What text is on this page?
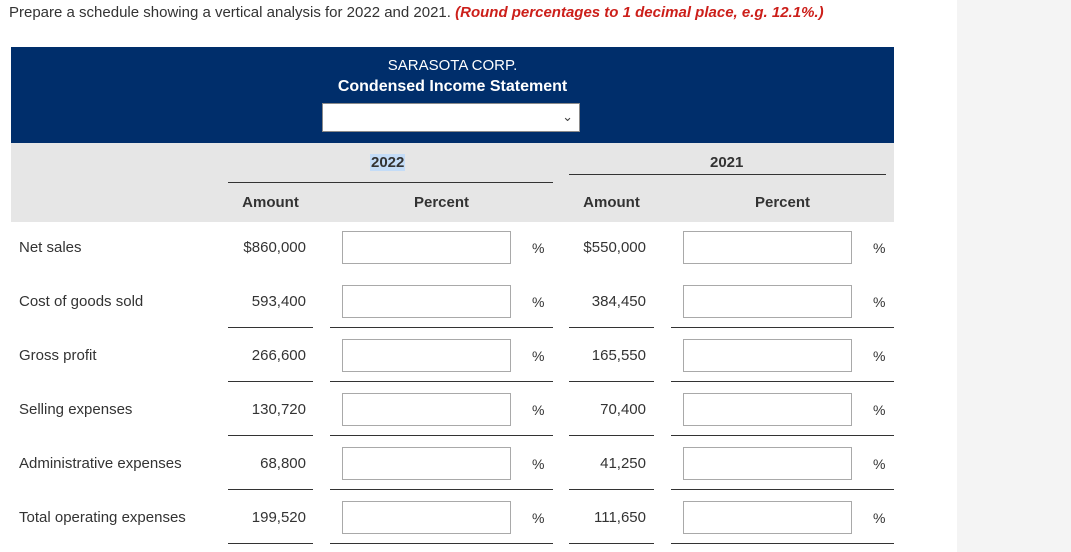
Prepare a schedule showing a vertical analysis for 2022 and 2021. (Round percentages to 1 decimal place, e.g. 12.1%.)
SARASOTA CORP.
Condensed Income Statement
⌄
2022	2021
Amount	Percent	Amount	Percent
Net sales	$860,000	%	$550,000	%
Cost of goods sold	593,400	%	384,450	%
Gross profit	266,600	%	165,550	%
Selling expenses	130,720	%	70,400	%
Administrative expenses	68,800	%	41,250	%
Total operating expenses	199,520	%	111,650	%
